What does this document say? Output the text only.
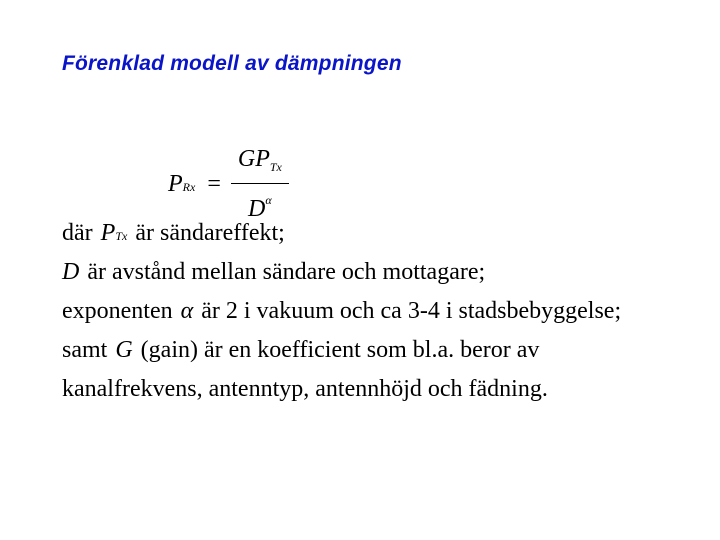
Förenklad modell av dämpningen
P $Rx = \frac{GP_{Tx}}{D^\alpha}$
där P Tx är sändareffekt;
D är avstånd mellan sändare och mottagare;
exponenten α är 2 i vakuum och ca 3-4 i stadsbebyggelse;
samt G (gain) är en koefficient som bl.a. beror av
kanalfrekvens, antenntyp, antennhöjd och fädning.
